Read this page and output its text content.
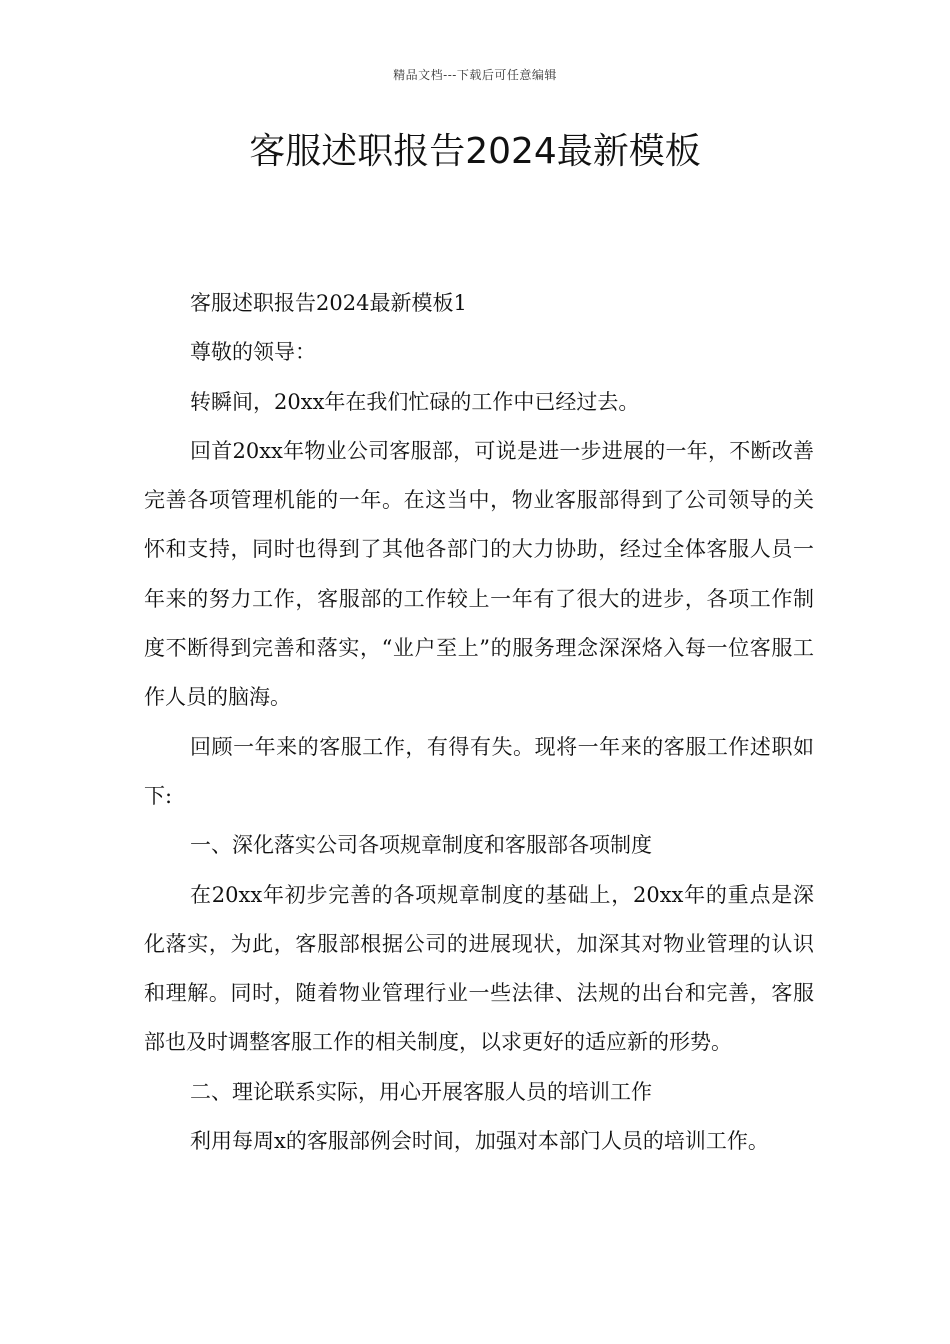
精品文档---下载后可任意编辑
客服述职报告2024最新模板

客服述职报告2024最新模板1

尊敬的领导：

转瞬间，20xx年在我们忙碌的工作中已经过去。

回首20xx年物业公司客服部，可说是进一步进展的一年，不断改善完善各项管理机能的一年。在这当中，物业客服部得到了公司领导的关怀和支持，同时也得到了其他各部门的大力协助，经过全体客服人员一年来的努力工作，客服部的工作较上一年有了很大的进步，各项工作制度不断得到完善和落实，“业户至上”的服务理念深深烙入每一位客服工作人员的脑海。

回顾一年来的客服工作，有得有失。现将一年来的客服工作述职如下:

一、深化落实公司各项规章制度和客服部各项制度

在20xx年初步完善的各项规章制度的基础上，20xx年的重点是深化落实，为此，客服部根据公司的进展现状，加深其对物业管理的认识和理解。同时，随着物业管理行业一些法律、法规的出台和完善，客服部也及时调整客服工作的相关制度，以求更好的适应新的形势。

二、理论联系实际，用心开展客服人员的培训工作

利用每周x的客服部例会时间，加强对本部门人员的培训工作。
